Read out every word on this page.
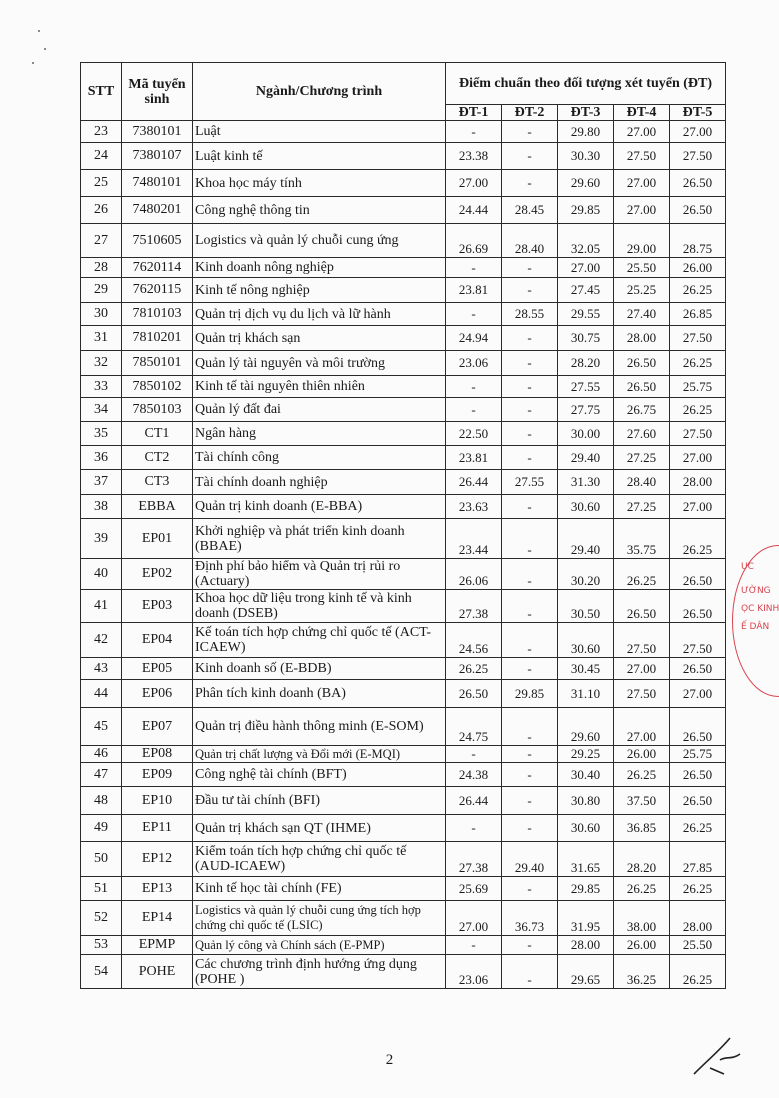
STT	Mã tuyển sinh	Ngành/Chương trình	Điểm chuẩn theo đối tượng xét tuyển (ĐT)				
			ĐT-1	ĐT-2	ĐT-3	ĐT-4	ĐT-5
23	7380101	Luật	-	-	29.80	27.00	27.00
24	7380107	Luật kinh tế	23.38	-	30.30	27.50	27.50
25	7480101	Khoa học máy tính	27.00	-	29.60	27.00	26.50
26	7480201	Công nghệ thông tin	24.44	28.45	29.85	27.00	26.50
27	7510605	Logistics và quản lý chuỗi cung ứng	26.69	28.40	32.05	29.00	28.75
28	7620114	Kinh doanh nông nghiệp	-	-	27.00	25.50	26.00
29	7620115	Kinh tế nông nghiệp	23.81	-	27.45	25.25	26.25
30	7810103	Quản trị dịch vụ du lịch và lữ hành	-	28.55	29.55	27.40	26.85
31	7810201	Quản trị khách sạn	24.94	-	30.75	28.00	27.50
32	7850101	Quản lý tài nguyên và môi trường	23.06	-	28.20	26.50	26.25
33	7850102	Kinh tế tài nguyên thiên nhiên	-	-	27.55	26.50	25.75
34	7850103	Quản lý đất đai	-	-	27.75	26.75	26.25
35	CT1	Ngân hàng	22.50	-	30.00	27.60	27.50
36	CT2	Tài chính công	23.81	-	29.40	27.25	27.00
37	CT3	Tài chính doanh nghiệp	26.44	27.55	31.30	28.40	28.00
38	EBBA	Quản trị kinh doanh (E-BBA)	23.63	-	30.60	27.25	27.00
39	EP01	Khởi nghiệp và phát triển kinh doanh (BBAE)	23.44	-	29.40	35.75	26.25
40	EP02	Định phí bảo hiểm và Quản trị rủi ro (Actuary)	26.06	-	30.20	26.25	26.50
41	EP03	Khoa học dữ liệu trong kinh tế và kinh doanh (DSEB)	27.38	-	30.50	26.50	26.50
42	EP04	Kế toán tích hợp chứng chỉ quốc tế (ACT-ICAEW)	24.56	-	30.60	27.50	27.50
43	EP05	Kinh doanh số (E-BDB)	26.25	-	30.45	27.00	26.50
44	EP06	Phân tích kinh doanh (BA)	26.50	29.85	31.10	27.50	27.00
45	EP07	Quản trị điều hành thông minh (E-SOM)	24.75	-	29.60	27.00	26.50
46	EP08	Quản trị chất lượng và Đổi mới (E-MQI)	-	-	29.25	26.00	25.75
47	EP09	Công nghệ tài chính (BFT)	24.38	-	30.40	26.25	26.50
48	EP10	Đầu tư tài chính (BFI)	26.44	-	30.80	37.50	26.50
49	EP11	Quản trị khách sạn QT (IHME)	-	-	30.60	36.85	26.25
50	EP12	Kiểm toán tích hợp chứng chỉ quốc tế (AUD-ICAEW)	27.38	29.40	31.65	28.20	27.85
51	EP13	Kinh tế học tài chính (FE)	25.69	-	29.85	26.25	26.25
52	EP14	Logistics và quản lý chuỗi cung ứng tích hợp chứng chỉ quốc tế (LSIC)	27.00	36.73	31.95	38.00	28.00
53	EPMP	Quản lý công và Chính sách (E-PMP)	-	-	28.00	26.00	25.50
54	POHE	Các chương trình định hướng ứng dụng (POHE )	23.06	-	29.65	36.25	26.25
2
ỤC
ƯỜNG
ỌC KINH
Ế DÂN
